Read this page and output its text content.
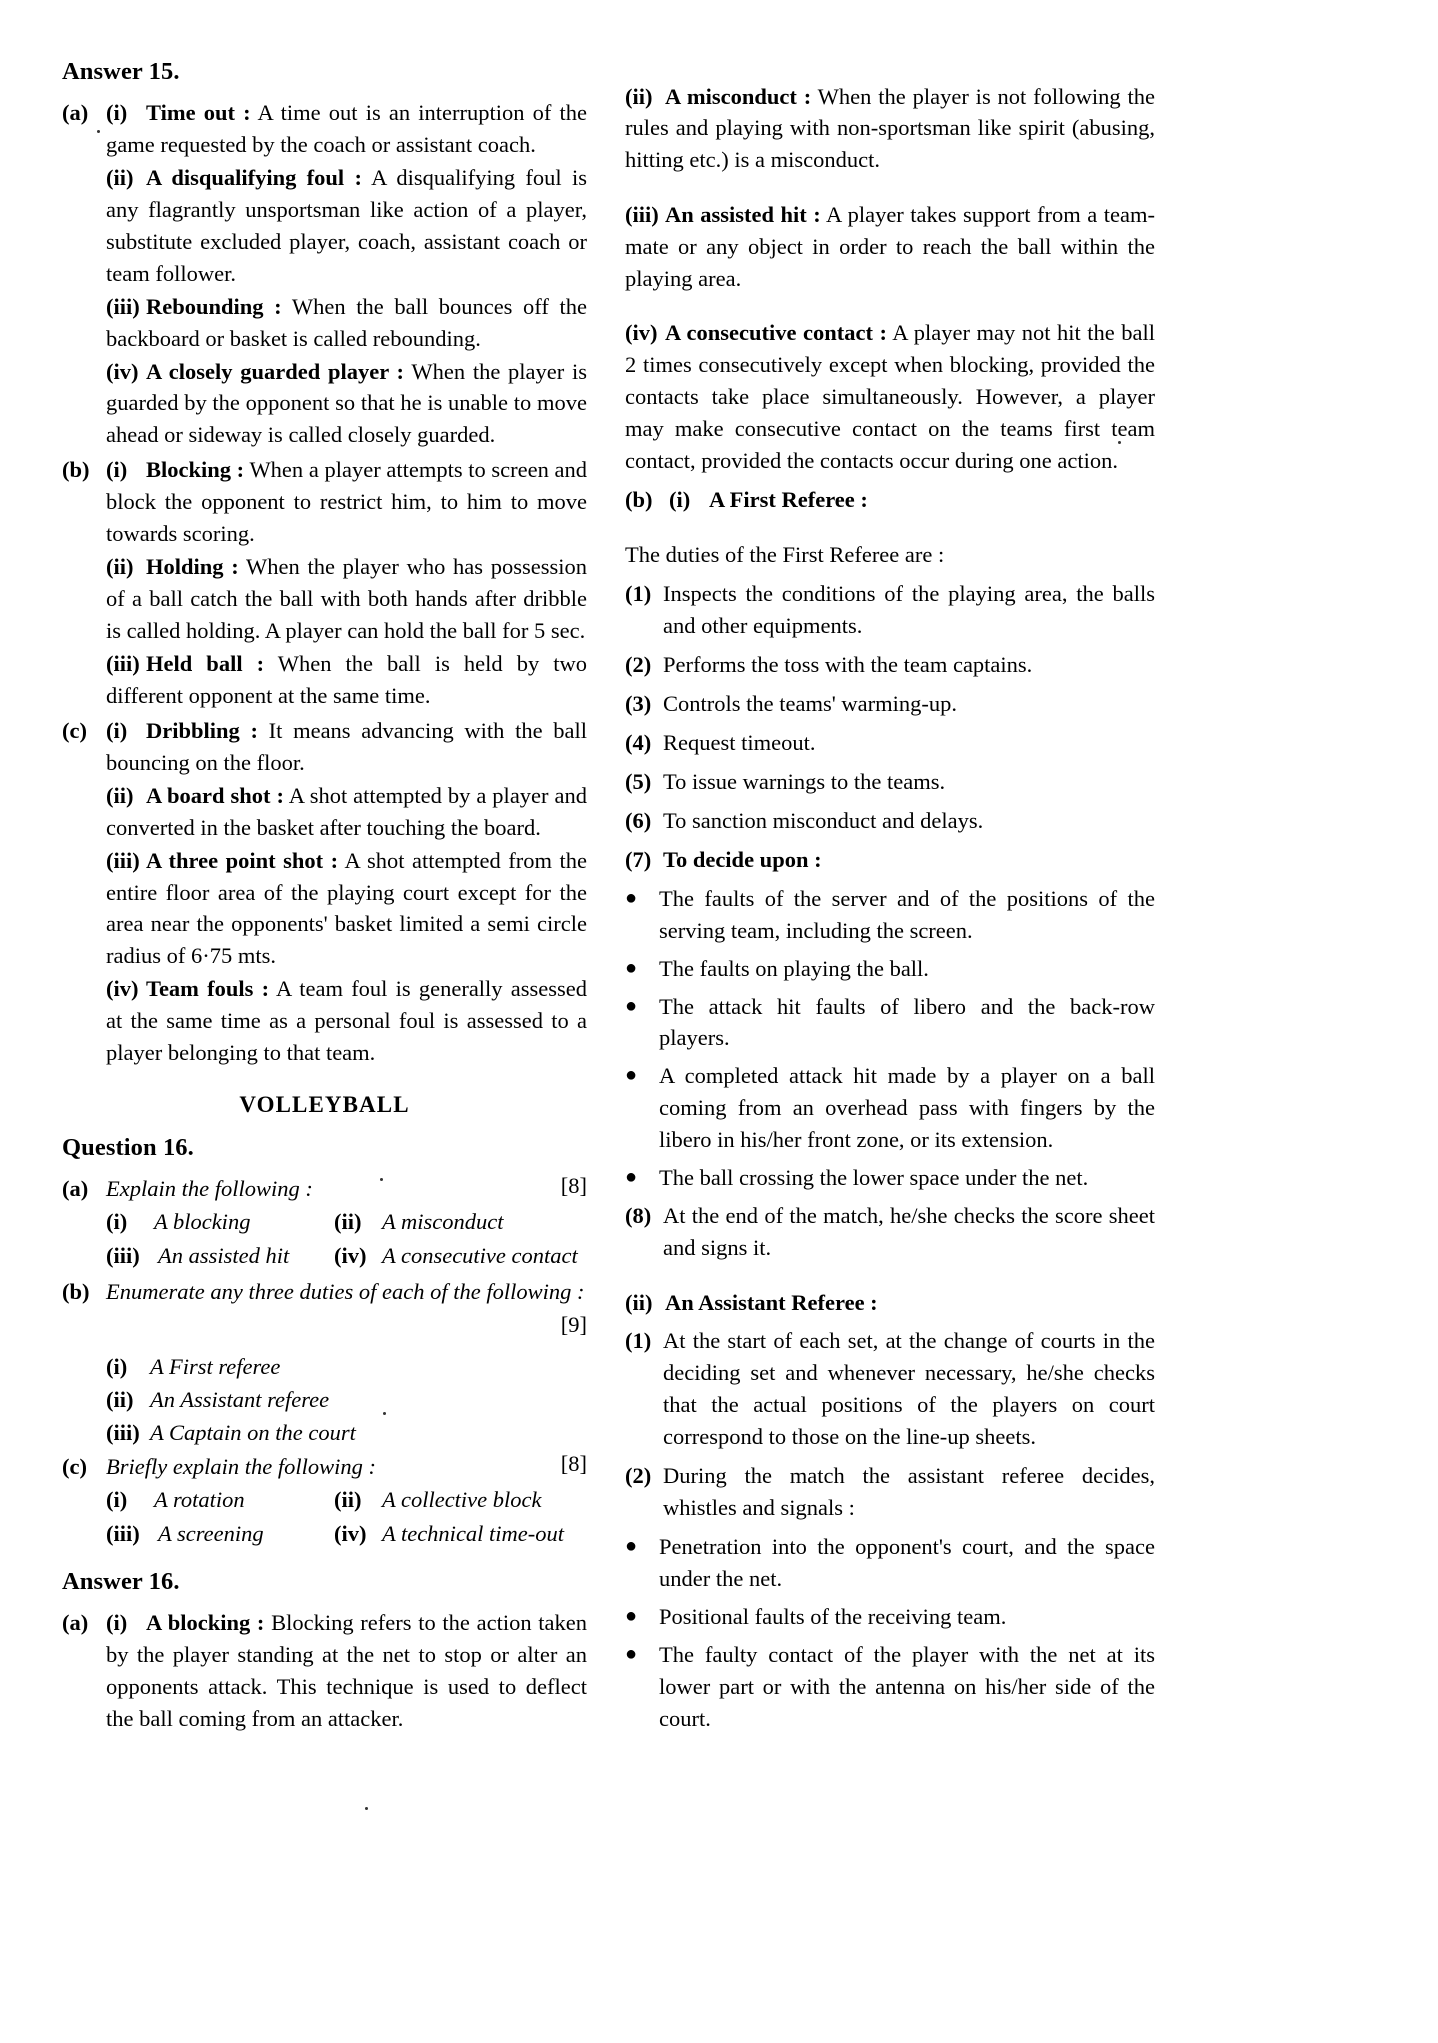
Answer 15.
(a) (i) Time out : A time out is an interruption of the game requested by the coach or assistant coach.

(ii) A disqualifying foul : A disqualifying foul is any flagrantly unsportsman like action of a player, substitute excluded player, coach, assistant coach or team follower.

(iii) Rebounding : When the ball bounces off the backboard or basket is called rebounding.

(iv) A closely guarded player : When the player is guarded by the opponent so that he is unable to move ahead or sideway is called closely guarded.

(b) (i) Blocking : When a player attempts to screen and block the opponent to restrict him, to him to move towards scoring.

(ii) Holding : When the player who has possession of a ball catch the ball with both hands after dribble is called holding. A player can hold the ball for 5 sec.

(iii) Held ball : When the ball is held by two different opponent at the same time.

(c) (i) Dribbling : It means advancing with the ball bouncing on the floor.

(ii) A board shot : A shot attempted by a player and converted in the basket after touching the board.

(iii) A three point shot : A shot attempted from the entire floor area of the playing court except for the area near the opponents' basket limited a semi circle radius of 6·75 mts.

(iv) Team fouls : A team foul is generally assessed at the same time as a personal foul is assessed to a player belonging to that team.

VOLLEYBALL
Question 16.
(a) Explain the following :	[8]
(i)	A blocking	(ii) A misconduct
(iii) An assisted hit	(iv) A consecutive contact
(b) Enumerate any three duties of each of the following :
[9]
(i)	A First referee
(ii) An Assistant referee
(iii) A Captain on the court
(c) Briefly explain the following :	[8]
(i)	A rotation	(ii) A collective block
(iii) A screening	(iv) A technical time-out
Answer 16.
(a) (i) A blocking : Blocking refers to the action taken by the player standing at the net to stop or alter an opponents attack. This technique is used to deflect the ball coming from an attacker.

(ii) A misconduct : When the player is not following the rules and playing with non-sportsman like spirit (abusing, hitting etc.) is a misconduct.

(iii) An assisted hit : A player takes support from a team-mate or any object in order to reach the ball within the playing area.

(iv) A consecutive contact : A player may not hit the ball 2 times consecutively except when blocking, provided the contacts take place simultaneously. However, a player may make consecutive contact on the teams first team contact, provided the contacts occur during one action.

(b) (i) A First Referee :

The duties of the First Referee are :

(1) Inspects the conditions of the playing area, the balls and other equipments.
(2) Performs the toss with the team captains.
(3) Controls the teams' warming-up.
(4) Request timeout.
(5) To issue warnings to the teams.
(6) To sanction misconduct and delays.
(7) To decide upon :
● The faults of the server and of the positions of the serving team, including the screen.
● The faults on playing the ball.
● The attack hit faults of libero and the back-row players.
● A completed attack hit made by a player on a ball coming from an overhead pass with fingers by the libero in his/her front zone, or its extension.
● The ball crossing the lower space under the net.
(8) At the end of the match, he/she checks the score sheet and signs it.

(ii) An Assistant Referee :

(1) At the start of each set, at the change of courts in the deciding set and whenever necessary, he/she checks that the actual positions of the players on court correspond to those on the line-up sheets.
(2) During the match the assistant referee decides, whistles and signals :
● Penetration into the opponent's court, and the space under the net.
● Positional faults of the receiving team.
● The faulty contact of the player with the net at its lower part or with the antenna on his/her side of the court.
